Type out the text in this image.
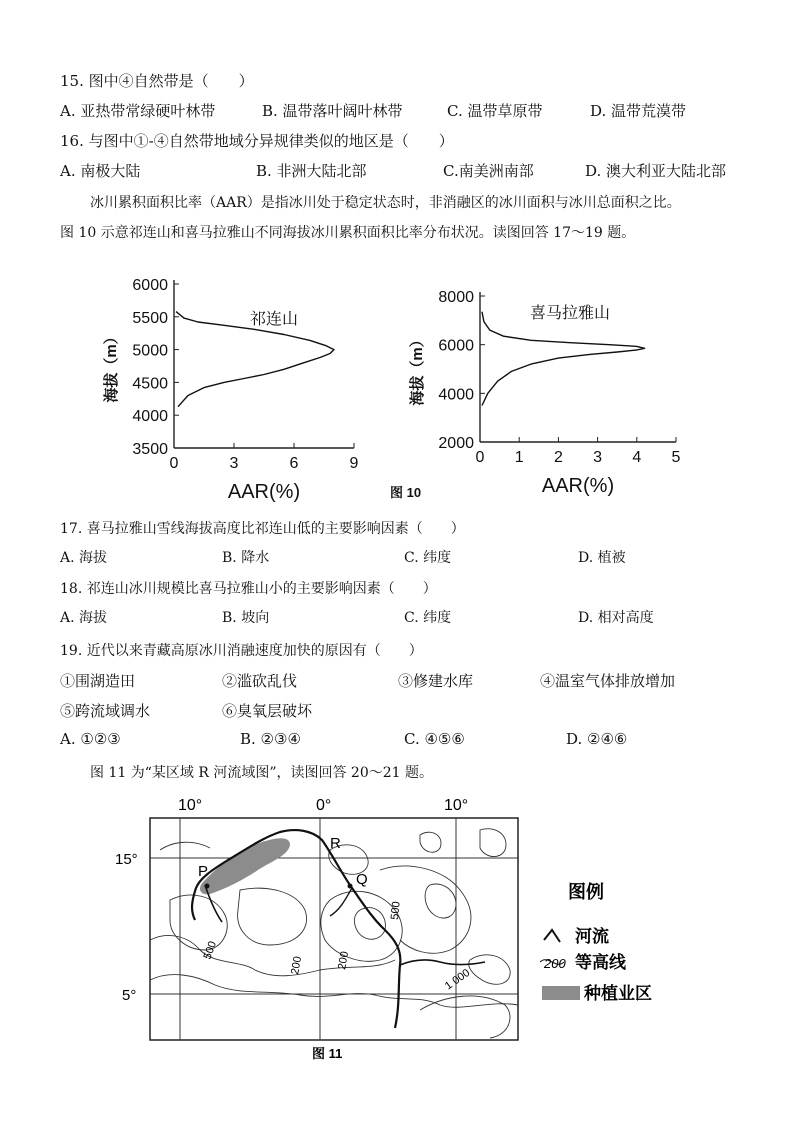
15. 图中④自然带是（　　）
A. 亚热带常绿硬叶林带	B. 温带落叶阔叶林带	C. 温带草原带	D. 温带荒漠带
16. 与图中①-④自然带地域分异规律类似的地区是（　　）
A. 南极大陆	B. 非洲大陆北部	C.南美洲南部	D. 澳大利亚大陆北部
冰川累积面积比率（AAR）是指冰川处于稳定状态时，非消融区的冰川面积与冰川总面积之比。
图 10 示意祁连山和喜马拉雅山不同海拔冰川累积面积比率分布状况。读图回答 17～19 题。
3500
4000
4500
5000
5500
6000
0	3	6	9
AAR(%)
海拔（m）
祁连山
2000
4000
6000
8000
0 1 2 3 4 5
AAR(%)
海拔（m）
喜马拉雅山
图 10
17. 喜马拉雅山雪线海拔高度比祁连山低的主要影响因素（　　）
A. 海拔	B. 降水	C. 纬度	D. 植被
18. 祁连山冰川规模比喜马拉雅山小的主要影响因素（　　）
A. 海拔	B. 坡向	C. 纬度	D. 相对高度
19. 近代以来青藏高原冰川消融速度加快的原因有（　　）
①围湖造田	②滥砍乱伐	③修建水库	④温室气体排放增加
⑤跨流域调水	⑥臭氧层破坏
A. ①②③	B. ②③④	C. ④⑤⑥	D. ②④⑥
图 11 为“某区域 R 河流域图”，读图回答 20～21 题。
10°	0°	10°
15°
5°
P	Q
R
500
200	200
500
1 000
图例
河流
200 等高线
种植业区
图 11
